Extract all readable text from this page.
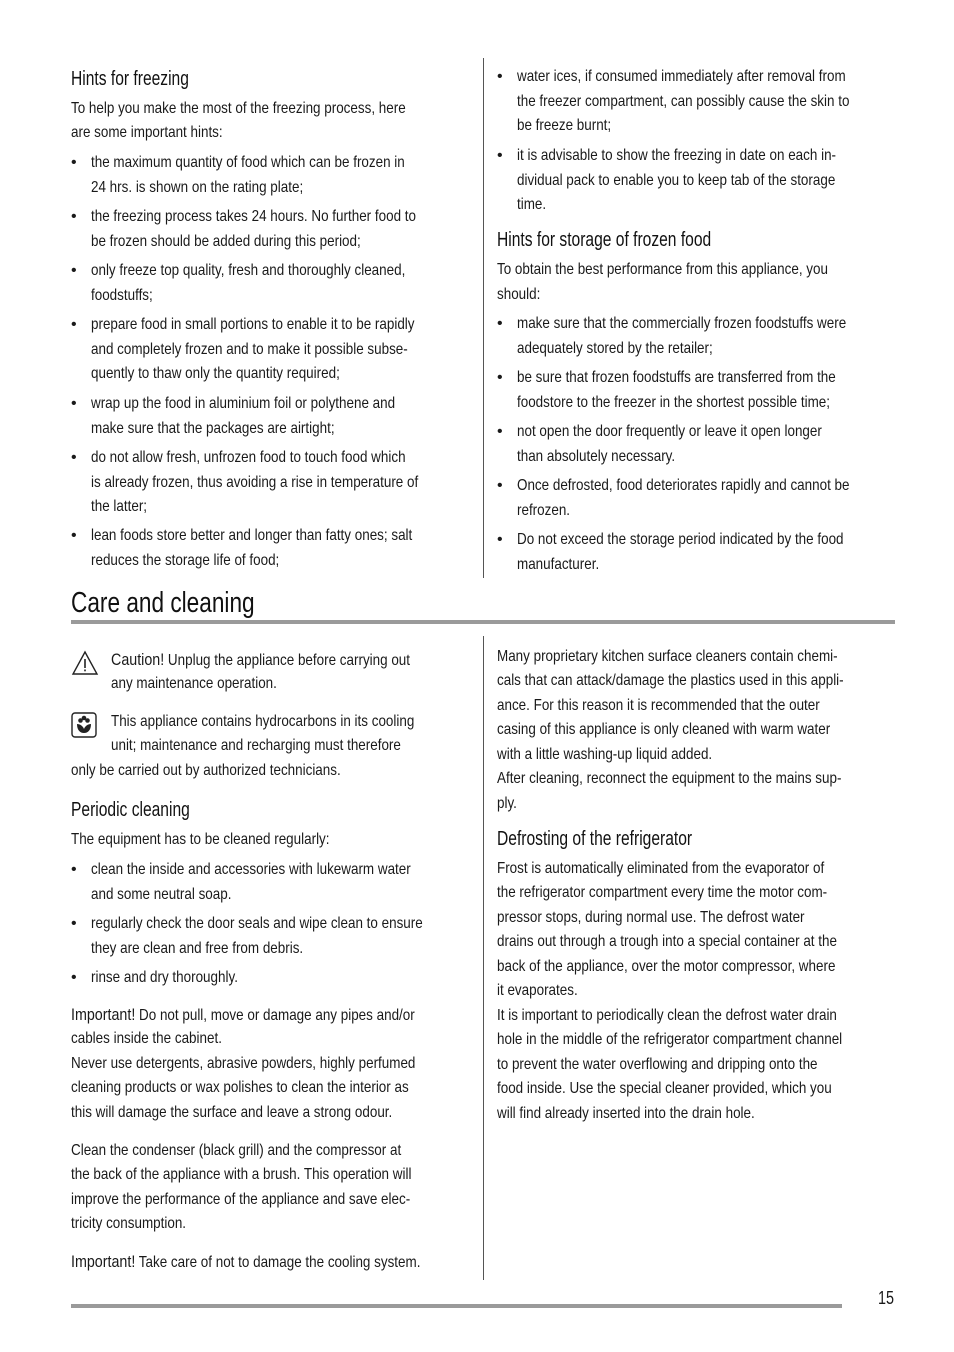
Hints for freezing

To help you make the most of the freezing process, here

are some important hints:

• the maximum quantity of food which can be frozen in
24 hrs. is shown on the rating plate;
• the freezing process takes 24 hours. No further food to
be frozen should be added during this period;
• only freeze top quality, fresh and thoroughly cleaned,
foodstuffs;
• prepare food in small portions to enable it to be rapidly
and completely frozen and to make it possible subse-
quently to thaw only the quantity required;
• wrap up the food in aluminium foil or polythene and
make sure that the packages are airtight;
• do not allow fresh, unfrozen food to touch food which
is already frozen, thus avoiding a rise in temperature of
the latter;
• lean foods store better and longer than fatty ones; salt
reduces the storage life of food;
• water ices, if consumed immediately after removal from
the freezer compartment, can possibly cause the skin to
be freeze burnt;
• it is advisable to show the freezing in date on each in-
dividual pack to enable you to keep tab of the storage
time.
Hints for storage of frozen food

To obtain the best performance from this appliance, you

should:

• make sure that the commercially frozen foodstuffs were
adequately stored by the retailer;
• be sure that frozen foodstuffs are transferred from the
foodstore to the freezer in the shortest possible time;
• not open the door frequently or leave it open longer
than absolutely necessary.
• Once defrosted, food deteriorates rapidly and cannot be
refrozen.
• Do not exceed the storage period indicated by the food
manufacturer.
Care and cleaning

Caution! Unplug the appliance before carrying out

any maintenance operation.

This appliance contains hydrocarbons in its cooling

unit; maintenance and recharging must therefore

only be carried out by authorized technicians.

Periodic cleaning

The equipment has to be cleaned regularly:

• clean the inside and accessories with lukewarm water
and some neutral soap.
• regularly check the door seals and wipe clean to ensure
they are clean and free from debris.
• rinse and dry thoroughly.

Important! Do not pull, move or damage any pipes and/or

cables inside the cabinet.

Never use detergents, abrasive powders, highly perfumed

cleaning products or wax polishes to clean the interior as

this will damage the surface and leave a strong odour.

Clean the condenser (black grill) and the compressor at

the back of the appliance with a brush. This operation will

improve the performance of the appliance and save elec-

tricity consumption.

Important! Take care of not to damage the cooling system.

Many proprietary kitchen surface cleaners contain chemi-

cals that can attack/damage the plastics used in this appli-

ance. For this reason it is recommended that the outer

casing of this appliance is only cleaned with warm water

with a little washing-up liquid added.

After cleaning, reconnect the equipment to the mains sup-

ply.

Defrosting of the refrigerator

Frost is automatically eliminated from the evaporator of

the refrigerator compartment every time the motor com-

pressor stops, during normal use. The defrost water

drains out through a trough into a special container at the

back of the appliance, over the motor compressor, where

it evaporates.

It is important to periodically clean the defrost water drain

hole in the middle of the refrigerator compartment channel

to prevent the water overflowing and dripping onto the

food inside. Use the special cleaner provided, which you

will find already inserted into the drain hole.

15
